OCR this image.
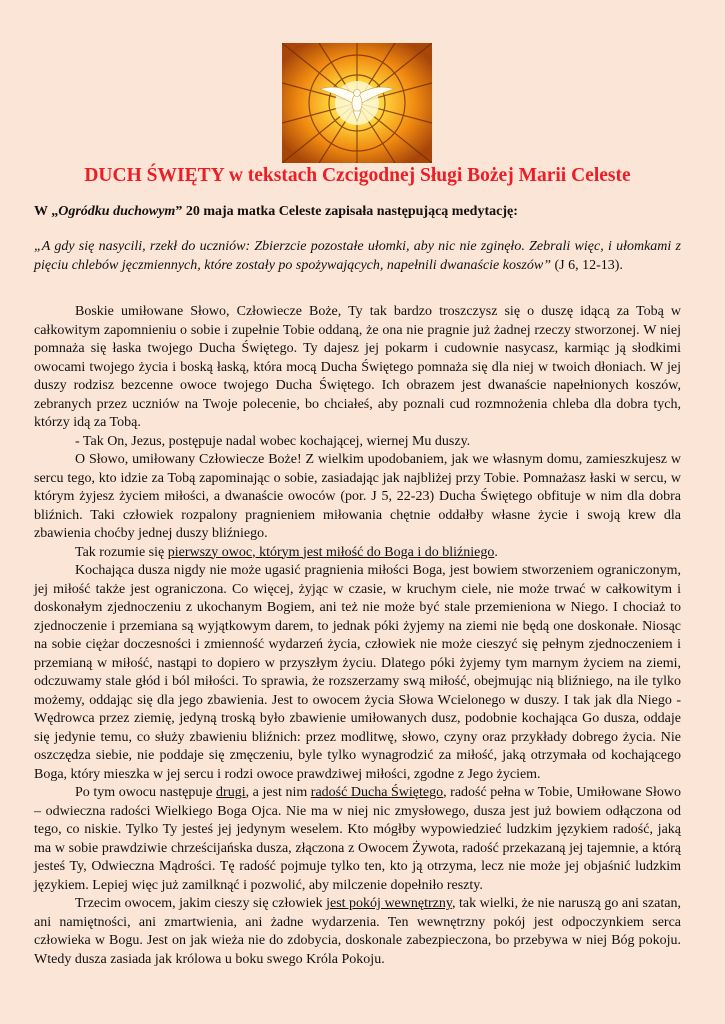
DUCH ŚWIĘTY w tekstach Czcigodnej Sługi Bożej Marii Celeste

W „Ogródku duchowym” 20 maja matka Celeste zapisała następującą medytację:

„A gdy się nasycili, rzekł do uczniów: Zbierzcie pozostałe ułomki, aby nic nie zginęło. Zebrali więc, i ułomkami z pięciu chlebów jęczmiennych, które zostały po spożywających, napełnili dwanaście koszów” (J 6, 12-13).

Boskie umiłowane Słowo, Człowiecze Boże, Ty tak bardzo troszczysz się o duszę idącą za Tobą w całkowitym zapomnieniu o sobie i zupełnie Tobie oddaną, że ona nie pragnie już żadnej rzeczy stworzonej. W niej pomnaża się łaska twojego Ducha Świętego. Ty dajesz jej pokarm i cudownie nasycasz, karmiąc ją słodkimi owocami twojego życia i boską łaską, która mocą Ducha Świętego pomnaża się dla niej w twoich dłoniach. W jej duszy rodzisz bezcenne owoce twojego Ducha Świętego. Ich obrazem jest dwanaście napełnionych koszów, zebranych przez uczniów na Twoje polecenie, bo chciałeś, aby poznali cud rozmnożenia chleba dla dobra tych, którzy idą za Tobą.

- Tak On, Jezus, postępuje nadal wobec kochającej, wiernej Mu duszy.

O Słowo, umiłowany Człowiecze Boże! Z wielkim upodobaniem, jak we własnym domu, zamieszkujesz w sercu tego, kto idzie za Tobą zapominając o sobie, zasiadając jak najbliżej przy Tobie. Pomnażasz łaski w sercu, w którym żyjesz życiem miłości, a dwanaście owoców (por. J 5, 22-23) Ducha Świętego obfituje w nim dla dobra bliźnich. Taki człowiek rozpalony pragnieniem miłowania chętnie oddałby własne życie i swoją krew dla zbawienia choćby jednej duszy bliźniego.

Tak rozumie się pierwszy owoc, którym jest miłość do Boga i do bliźniego.

Kochająca dusza nigdy nie może ugasić pragnienia miłości Boga, jest bowiem stworzeniem ograniczonym, jej miłość także jest ograniczona. Co więcej, żyjąc w czasie, w kruchym ciele, nie może trwać w całkowitym i doskonałym zjednoczeniu z ukochanym Bogiem, ani też nie może być stale przemieniona w Niego. I chociaż to zjednoczenie i przemiana są wyjątkowym darem, to jednak póki żyjemy na ziemi nie będą one doskonałe. Niosąc na sobie ciężar doczesności i zmienność wydarzeń życia, człowiek nie może cieszyć się pełnym zjednoczeniem i przemianą w miłość, nastąpi to dopiero w przyszłym życiu. Dlatego póki żyjemy tym marnym życiem na ziemi, odczuwamy stale głód i ból miłości. To sprawia, że rozszerzamy swą miłość, obejmując nią bliźniego, na ile tylko możemy, oddając się dla jego zbawienia. Jest to owocem życia Słowa Wcielonego w duszy. I tak jak dla Niego - Wędrowca przez ziemię, jedyną troską było zbawienie umiłowanych dusz, podobnie kochająca Go dusza, oddaje się jedynie temu, co służy zbawieniu bliźnich: przez modlitwę, słowo, czyny oraz przykłady dobrego życia. Nie oszczędza siebie, nie poddaje się zmęczeniu, byle tylko wynagrodzić za miłość, jaką otrzymała od kochającego Boga, który mieszka w jej sercu i rodzi owoce prawdziwej miłości, zgodne z Jego życiem.

Po tym owocu następuje drugi, a jest nim radość Ducha Świętego, radość pełna w Tobie, Umiłowane Słowo – odwieczna radości Wielkiego Boga Ojca. Nie ma w niej nic zmysłowego, dusza jest już bowiem odłączona od tego, co niskie. Tylko Ty jesteś jej jedynym weselem. Kto mógłby wypowiedzieć ludzkim językiem radość, jaką ma w sobie prawdziwie chrześcijańska dusza, złączona z Owocem Żywota, radość przekazaną jej tajemnie, a którą jesteś Ty, Odwieczna Mądrości. Tę radość pojmuje tylko ten, kto ją otrzyma, lecz nie może jej objaśnić ludzkim językiem. Lepiej więc już zamilknąć i pozwolić, aby milczenie dopełniło reszty.

Trzecim owocem, jakim cieszy się człowiek jest pokój wewnętrzny, tak wielki, że nie naruszą go ani szatan, ani namiętności, ani zmartwienia, ani żadne wydarzenia. Ten wewnętrzny pokój jest odpoczynkiem serca człowieka w Bogu. Jest on jak wieża nie do zdobycia, doskonale zabezpieczona, bo przebywa w niej Bóg pokoju. Wtedy dusza zasiada jak królowa u boku swego Króla Pokoju.
